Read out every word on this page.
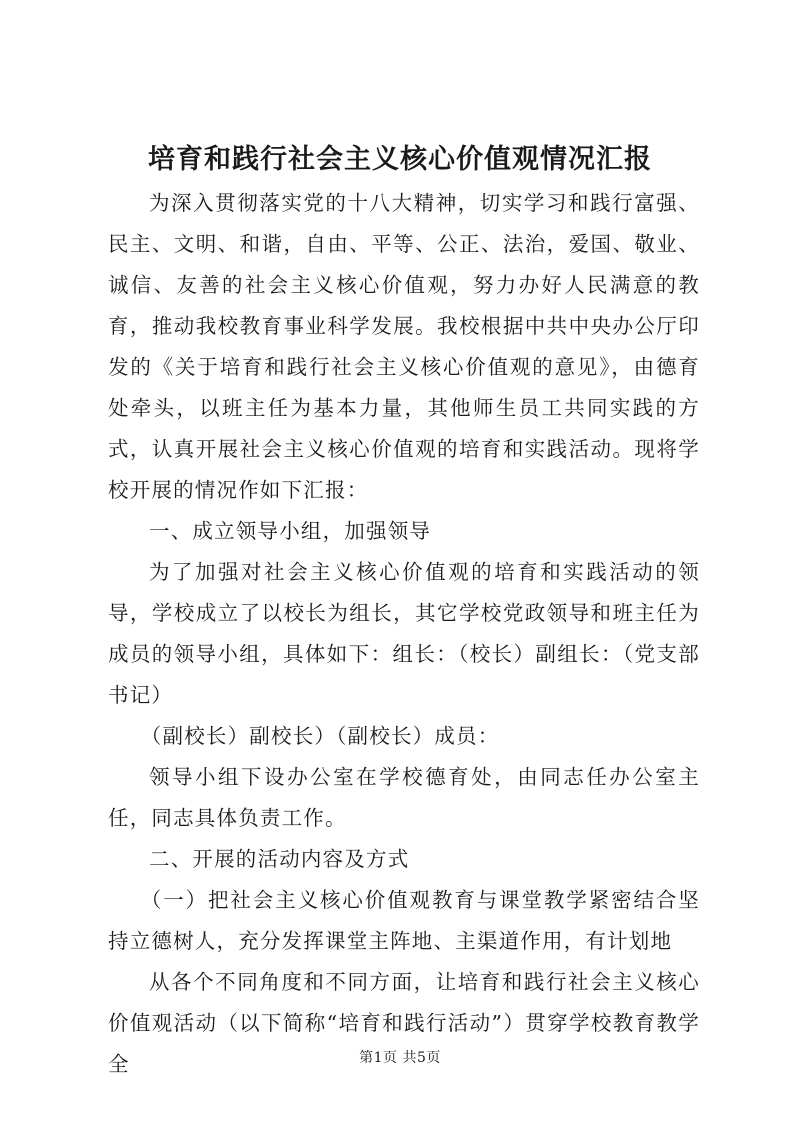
培育和践行社会主义核心价值观情况汇报

为深入贯彻落实党的十八大精神，切实学习和践行富强、民主、文明、和谐，自由、平等、公正、法治，爱国、敬业、诚信、友善的社会主义核心价值观，努力办好人民满意的教育，推动我校教育事业科学发展。我校根据中共中央办公厅印发的《关于培育和践行社会主义核心价值观的意见》，由德育处牵头，以班主任为基本力量，其他师生员工共同实践的方式，认真开展社会主义核心价值观的培育和实践活动。现将学校开展的情况作如下汇报：

一、成立领导小组，加强领导

为了加强对社会主义核心价值观的培育和实践活动的领导，学校成立了以校长为组长，其它学校党政领导和班主任为成员的领导小组，具体如下：组长：（校长）副组长：（党支部书记）

（副校长）副校长）（副校长）成员：

领导小组下设办公室在学校德育处，由同志任办公室主任，同志具体负责工作。

二、开展的活动内容及方式

（一）把社会主义核心价值观教育与课堂教学紧密结合坚持立德树人，充分发挥课堂主阵地、主渠道作用，有计划地

从各个不同角度和不同方面，让培育和践行社会主义核心价值观活动（以下简称“培育和践行活动”）贯穿学校教育教学全	第1页 共5页
